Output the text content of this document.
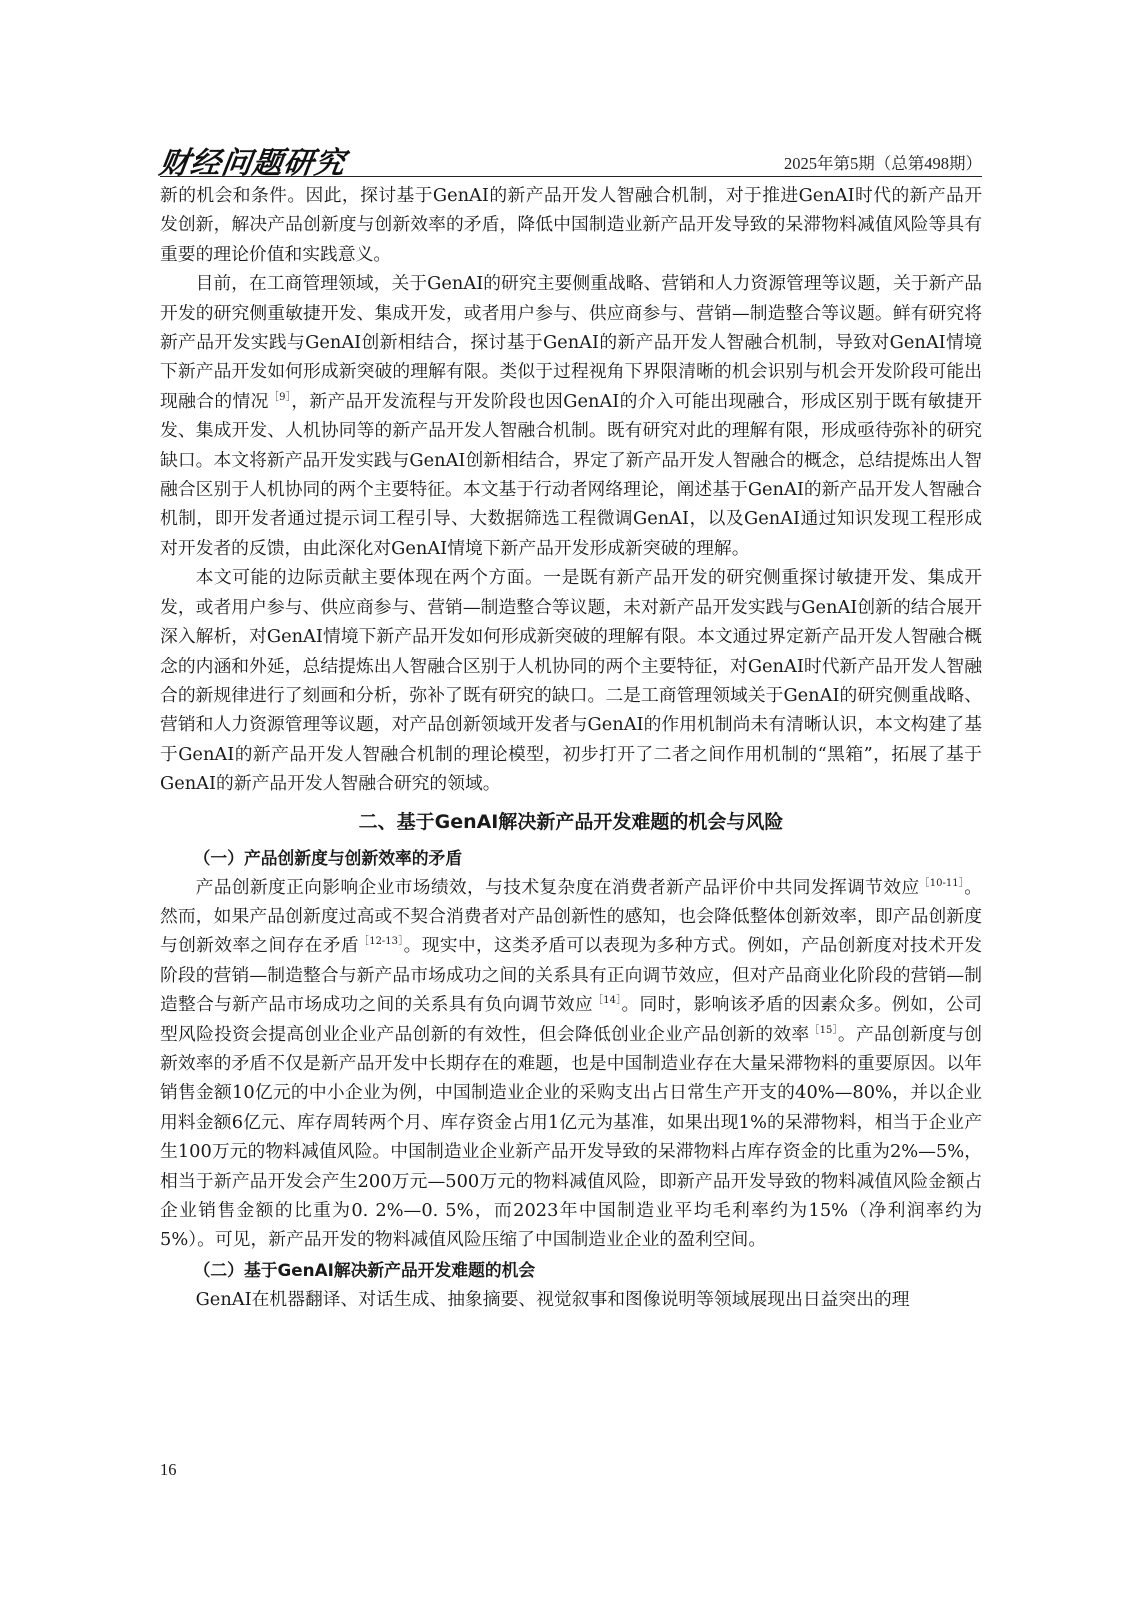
财经问题研究	2025年第5期（总第498期）

新的机会和条件。因此，探讨基于GenAI的新产品开发人智融合机制，对于推进GenAI时代的新产品开发创新，解决产品创新度与创新效率的矛盾，降低中国制造业新产品开发导致的呆滞物料减值风险等具有重要的理论价值和实践意义。

目前，在工商管理领域，关于GenAI的研究主要侧重战略、营销和人力资源管理等议题，关于新产品开发的研究侧重敏捷开发、集成开发，或者用户参与、供应商参与、营销—制造整合等议题。鲜有研究将新产品开发实践与GenAI创新相结合，探讨基于GenAI的新产品开发人智融合机制，导致对GenAI情境下新产品开发如何形成新突破的理解有限。类似于过程视角下界限清晰的机会识别与机会开发阶段可能出现融合的情况$^{[9]}$，新产品开发流程与开发阶段也因GenAI的介入可能出现融合，形成区别于既有敏捷开发、集成开发、人机协同等的新产品开发人智融合机制。既有研究对此的理解有限，形成亟待弥补的研究缺口。本文将新产品开发实践与GenAI创新相结合，界定了新产品开发人智融合的概念，总结提炼出人智融合区别于人机协同的两个主要特征。本文基于行动者网络理论，阐述基于GenAI的新产品开发人智融合机制，即开发者通过提示词工程引导、大数据筛选工程微调GenAI，以及GenAI通过知识发现工程形成对开发者的反馈，由此深化对GenAI情境下新产品开发形成新突破的理解。

本文可能的边际贡献主要体现在两个方面。一是既有新产品开发的研究侧重探讨敏捷开发、集成开发，或者用户参与、供应商参与、营销—制造整合等议题，未对新产品开发实践与GenAI创新的结合展开深入解析，对GenAI情境下新产品开发如何形成新突破的理解有限。本文通过界定新产品开发人智融合概念的内涵和外延，总结提炼出人智融合区别于人机协同的两个主要特征，对GenAI时代新产品开发人智融合的新规律进行了刻画和分析，弥补了既有研究的缺口。二是工商管理领域关于GenAI的研究侧重战略、营销和人力资源管理等议题，对产品创新领域开发者与GenAI的作用机制尚未有清晰认识，本文构建了基于GenAI的新产品开发人智融合机制的理论模型，初步打开了二者之间作用机制的“黑箱”，拓展了基于GenAI的新产品开发人智融合研究的领域。

二、基于GenAI解决新产品开发难题的机会与风险
（一）产品创新度与创新效率的矛盾

产品创新度正向影响企业市场绩效，与技术复杂度在消费者新产品评价中共同发挥调节效应$^{[10-11]}$。然而，如果产品创新度过高或不契合消费者对产品创新性的感知，也会降低整体创新效率，即产品创新度与创新效率之间存在矛盾$^{[12-13]}$。现实中，这类矛盾可以表现为多种方式。例如，产品创新度对技术开发阶段的营销—制造整合与新产品市场成功之间的关系具有正向调节效应，但对产品商业化阶段的营销—制造整合与新产品市场成功之间的关系具有负向调节效应$^{[14]}$。同时，影响该矛盾的因素众多。例如，公司型风险投资会提高创业企业产品创新的有效性，但会降低创业企业产品创新的效率$^{[15]}$。产品创新度与创新效率的矛盾不仅是新产品开发中长期存在的难题，也是中国制造业存在大量呆滞物料的重要原因。以年销售金额10亿元的中小企业为例，中国制造业企业的采购支出占日常生产开支的40%—80%，并以企业用料金额6亿元、库存周转两个月、库存资金占用1亿元为基准，如果出现1%的呆滞物料，相当于企业产生100万元的物料减值风险。中国制造业企业新产品开发导致的呆滞物料占库存资金的比重为2%—5%，相当于新产品开发会产生200万元—500万元的物料减值风险，即新产品开发导致的物料减值风险金额占企业销售金额的比重为0. 2%—0. 5%，而2023年中国制造业平均毛利率约为15%（净利润率约为5%）。可见，新产品开发的物料减值风险压缩了中国制造业企业的盈利空间。

（二）基于GenAI解决新产品开发难题的机会

GenAI在机器翻译、对话生成、抽象摘要、视觉叙事和图像说明等领域展现出日益突出的理

16
